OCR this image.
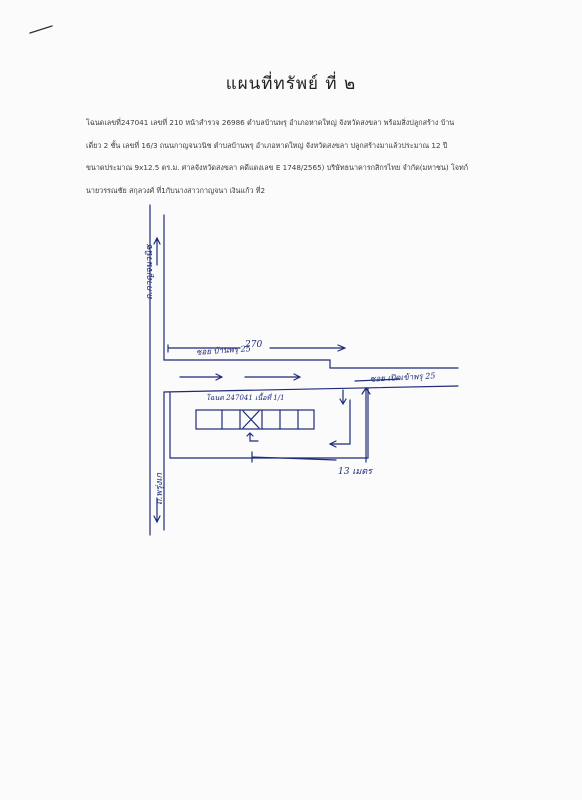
แผนที่ทรัพย์ ที่ ๒
โฉนดเลขที่247041 เลขที่ 210 หน้าสำรวจ 26986 ตำบลบ้านพรุ อำเภอหาดใหญ่ จังหวัดสงขลา พร้อมสิ่งปลูกสร้าง บ้าน
เดี่ยว 2 ชั้น เลขที่ 16/3 ถนนกาญจนวนิช ตำบลบ้านพรุ อำเภอหาดใหญ่ จังหวัดสงขลา ปลูกสร้างมาแล้วประมาณ 12 ปี
ขนาดประมาณ 9x12.5 ตร.ม. ศาลจังหวัดสงขลา คดีแดงเลข E 1748/2565) บริษัทธนาคารกสิกรไทย จำกัด(มหาชน) โจทก์
นายวรรณชัย สกุลวงศ์ ที่1กับนางสาวกาญจนา เงินแก้ว ที่2
ถ.กาญจนวนิช
ถ.พรุ่งเก
ซอย บ้านพรุ 25
270
ซอย เปิดเข้าพรุ 25
โฉนด 247041 เนื้อที่ 1/1
13 เมตร
